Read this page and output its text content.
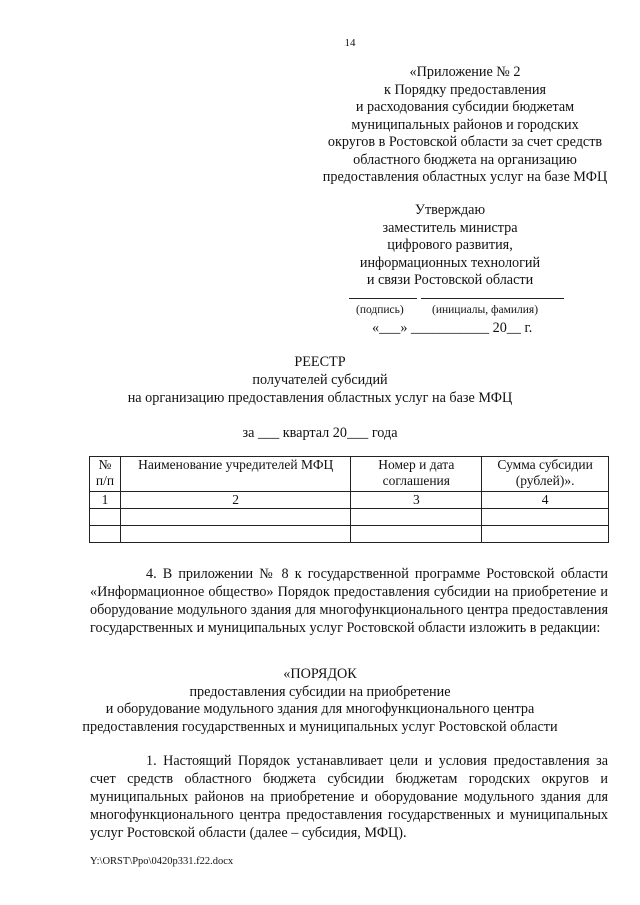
14
«Приложение № 2
к Порядку предоставления
и расходования субсидии бюджетам
муниципальных районов и городских
округов в Ростовской области за счет средств
областного бюджета на организацию
предоставления областных услуг на базе МФЦ
Утверждаю
заместитель министра
цифрового развития,
информационных технологий
и связи Ростовской области
(подпись) (инициалы, фамилия)
«___» ___________ 20__ г.
РЕЕСТР
получателей субсидий
на организацию предоставления областных услуг на базе МФЦ
за ___ квартал 20___ года
№ п/п	Наименование учредителей МФЦ	Номер и дата соглашения	Сумма субсидии (рублей)».
1	2	3	4

4. В приложении № 8 к государственной программе Ростовской области «Информационное общество» Порядок предоставления субсидии на приобретение и оборудование модульного здания для многофункционального центра предоставления государственных и муниципальных услуг Ростовской области изложить в редакции:
«ПОРЯДОК
предоставления субсидии на приобретение
и оборудование модульного здания для многофункционального центра
предоставления государственных и муниципальных услуг Ростовской области
1. Настоящий Порядок устанавливает цели и условия предоставления за счет средств областного бюджета субсидии бюджетам городских округов и муниципальных районов на приобретение и оборудование модульного здания для многофункционального центра предоставления государственных и муниципальных услуг Ростовской области (далее – субсидия, МФЦ).
Y:\ORST\Ppo\0420p331.f22.docx
